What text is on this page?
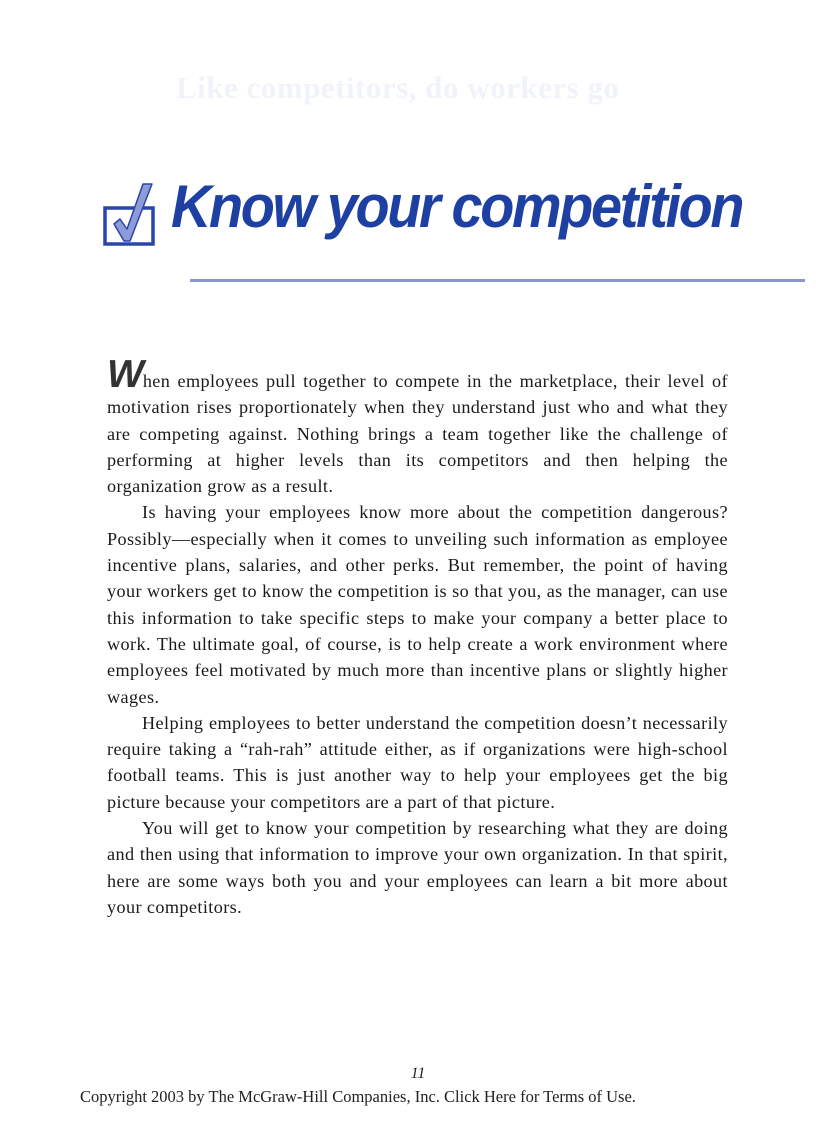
Like competitors, do workers go
Know your competition

When employees pull together to compete in the marketplace, their level of motivation rises proportionately when they understand just who and what they are competing against. Nothing brings a team together like the challenge of performing at higher levels than its competitors and then helping the organization grow as a result.

Is having your employees know more about the competition dangerous? Possibly—especially when it comes to unveiling such information as employee incentive plans, salaries, and other perks. But remember, the point of having your workers get to know the competition is so that you, as the manager, can use this information to take specific steps to make your company a better place to work. The ultimate goal, of course, is to help create a work environment where employees feel motivated by much more than incentive plans or slightly higher wages.

Helping employees to better understand the competition doesn’t necessarily require taking a “rah-rah” attitude either, as if organizations were high-school football teams. This is just another way to help your employees get the big picture because your competitors are a part of that picture.

You will get to know your competition by researching what they are doing and then using that information to improve your own organization. In that spirit, here are some ways both you and your employees can learn a bit more about your competitors.

11
Copyright 2003 by The McGraw-Hill Companies, Inc. Click Here for Terms of Use.
